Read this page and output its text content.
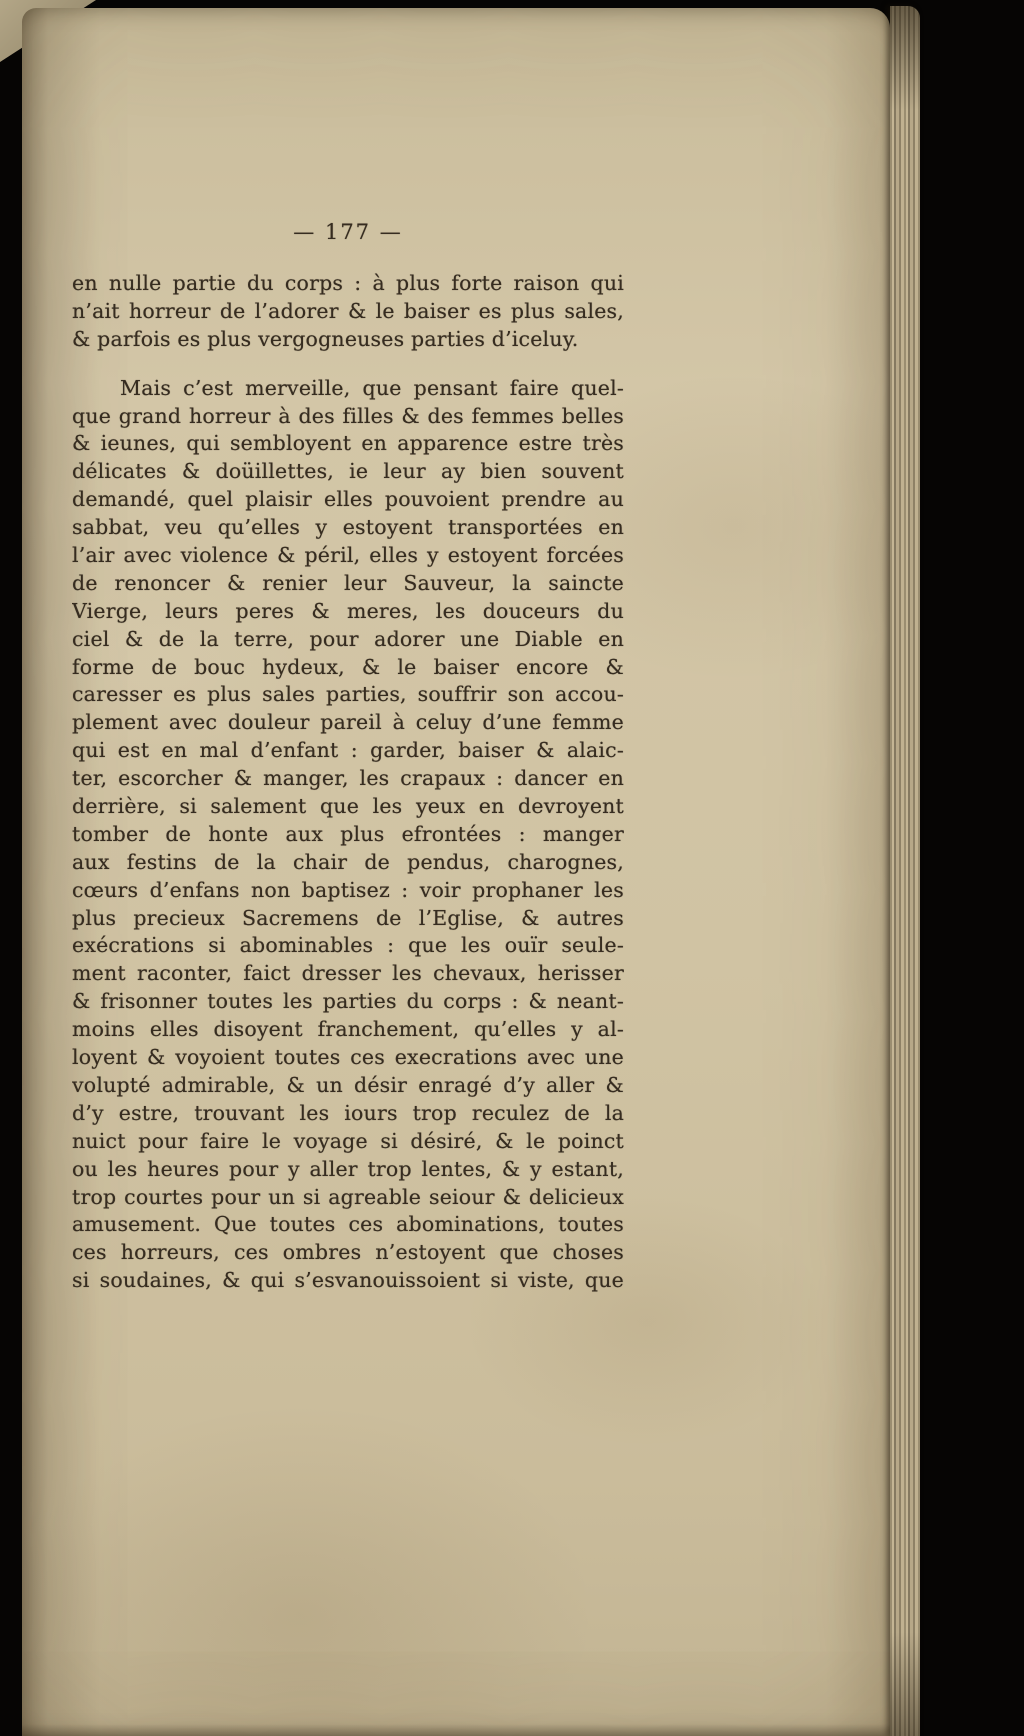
— 177 —
en nulle partie du corps : à plus forte raison qui
n’ait horreur de l’adorer & le baiser es plus sales,
& parfois es plus vergogneuses parties d’iceluy.
Mais c’est merveille, que pensant faire quel-
que grand horreur à des filles & des femmes belles
& ieunes, qui sembloyent en apparence estre très
délicates & doüillettes, ie leur ay bien souvent
demandé, quel plaisir elles pouvoient prendre au
sabbat, veu qu’elles y estoyent transportées en
l’air avec violence & péril, elles y estoyent forcées
de renoncer & renier leur Sauveur, la saincte
Vierge, leurs peres & meres, les douceurs du
ciel & de la terre, pour adorer une Diable en
forme de bouc hydeux, & le baiser encore &
caresser es plus sales parties, souffrir son accou-
plement avec douleur pareil à celuy d’une femme
qui est en mal d’enfant : garder, baiser & alaic-
ter, escorcher & manger, les crapaux : dancer en
derrière, si salement que les yeux en devroyent
tomber de honte aux plus efrontées : manger
aux festins de la chair de pendus, charognes,
cœurs d’enfans non baptisez : voir prophaner les
plus precieux Sacremens de l’Eglise, & autres
exécrations si abominables : que les ouïr seule-
ment raconter, faict dresser les chevaux, herisser
& frisonner toutes les parties du corps : & neant-
moins elles disoyent franchement, qu’elles y al-
loyent & voyoient toutes ces execrations avec une
volupté admirable, & un désir enragé d’y aller &
d’y estre, trouvant les iours trop reculez de la
nuict pour faire le voyage si désiré, & le poinct
ou les heures pour y aller trop lentes, & y estant,
trop courtes pour un si agreable seiour & delicieux
amusement. Que toutes ces abominations, toutes
ces horreurs, ces ombres n’estoyent que choses
si soudaines, & qui s’esvanouissoient si viste, que
